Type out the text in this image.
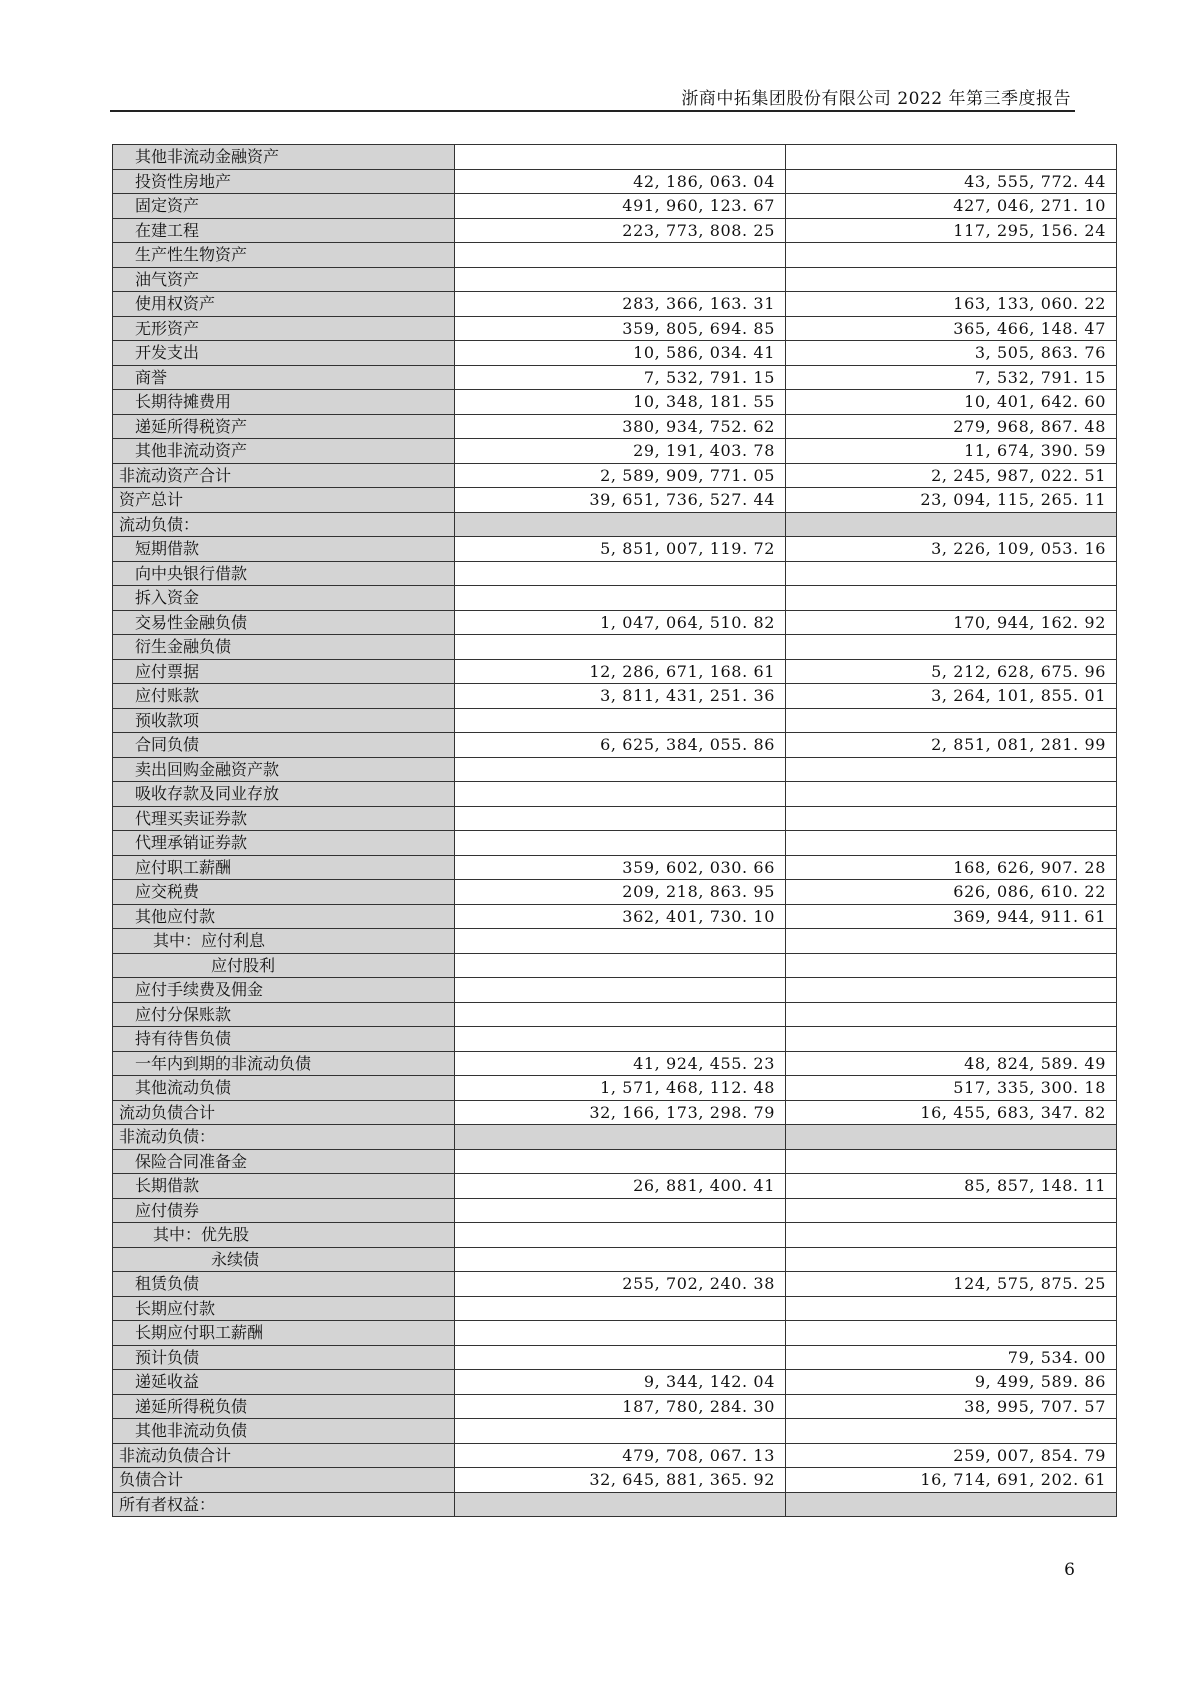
浙商中拓集团股份有限公司 2022 年第三季度报告
其他非流动金融资产		
投资性房地产	42, 186, 063. 04	43, 555, 772. 44
固定资产	491, 960, 123. 67	427, 046, 271. 10
在建工程	223, 773, 808. 25	117, 295, 156. 24
生产性生物资产		
油气资产		
使用权资产	283, 366, 163. 31	163, 133, 060. 22
无形资产	359, 805, 694. 85	365, 466, 148. 47
开发支出	10, 586, 034. 41	3, 505, 863. 76
商誉	7, 532, 791. 15	7, 532, 791. 15
长期待摊费用	10, 348, 181. 55	10, 401, 642. 60
递延所得税资产	380, 934, 752. 62	279, 968, 867. 48
其他非流动资产	29, 191, 403. 78	11, 674, 390. 59
非流动资产合计	2, 589, 909, 771. 05	2, 245, 987, 022. 51
资产总计	39, 651, 736, 527. 44	23, 094, 115, 265. 11
流动负债：		
短期借款	5, 851, 007, 119. 72	3, 226, 109, 053. 16
向中央银行借款		
拆入资金		
交易性金融负债	1, 047, 064, 510. 82	170, 944, 162. 92
衍生金融负债		
应付票据	12, 286, 671, 168. 61	5, 212, 628, 675. 96
应付账款	3, 811, 431, 251. 36	3, 264, 101, 855. 01
预收款项		
合同负债	6, 625, 384, 055. 86	2, 851, 081, 281. 99
卖出回购金融资产款		
吸收存款及同业存放		
代理买卖证券款		
代理承销证券款		
应付职工薪酬	359, 602, 030. 66	168, 626, 907. 28
应交税费	209, 218, 863. 95	626, 086, 610. 22
其他应付款	362, 401, 730. 10	369, 944, 911. 61
其中：应付利息		
应付股利		
应付手续费及佣金		
应付分保账款		
持有待售负债		
一年内到期的非流动负债	41, 924, 455. 23	48, 824, 589. 49
其他流动负债	1, 571, 468, 112. 48	517, 335, 300. 18
流动负债合计	32, 166, 173, 298. 79	16, 455, 683, 347. 82
非流动负债：		
保险合同准备金		
长期借款	26, 881, 400. 41	85, 857, 148. 11
应付债券		
其中：优先股		
永续债		
租赁负债	255, 702, 240. 38	124, 575, 875. 25
长期应付款		
长期应付职工薪酬		
预计负债		79, 534. 00
递延收益	9, 344, 142. 04	9, 499, 589. 86
递延所得税负债	187, 780, 284. 30	38, 995, 707. 57
其他非流动负债		
非流动负债合计	479, 708, 067. 13	259, 007, 854. 79
负债合计	32, 645, 881, 365. 92	16, 714, 691, 202. 61
所有者权益：		
6
